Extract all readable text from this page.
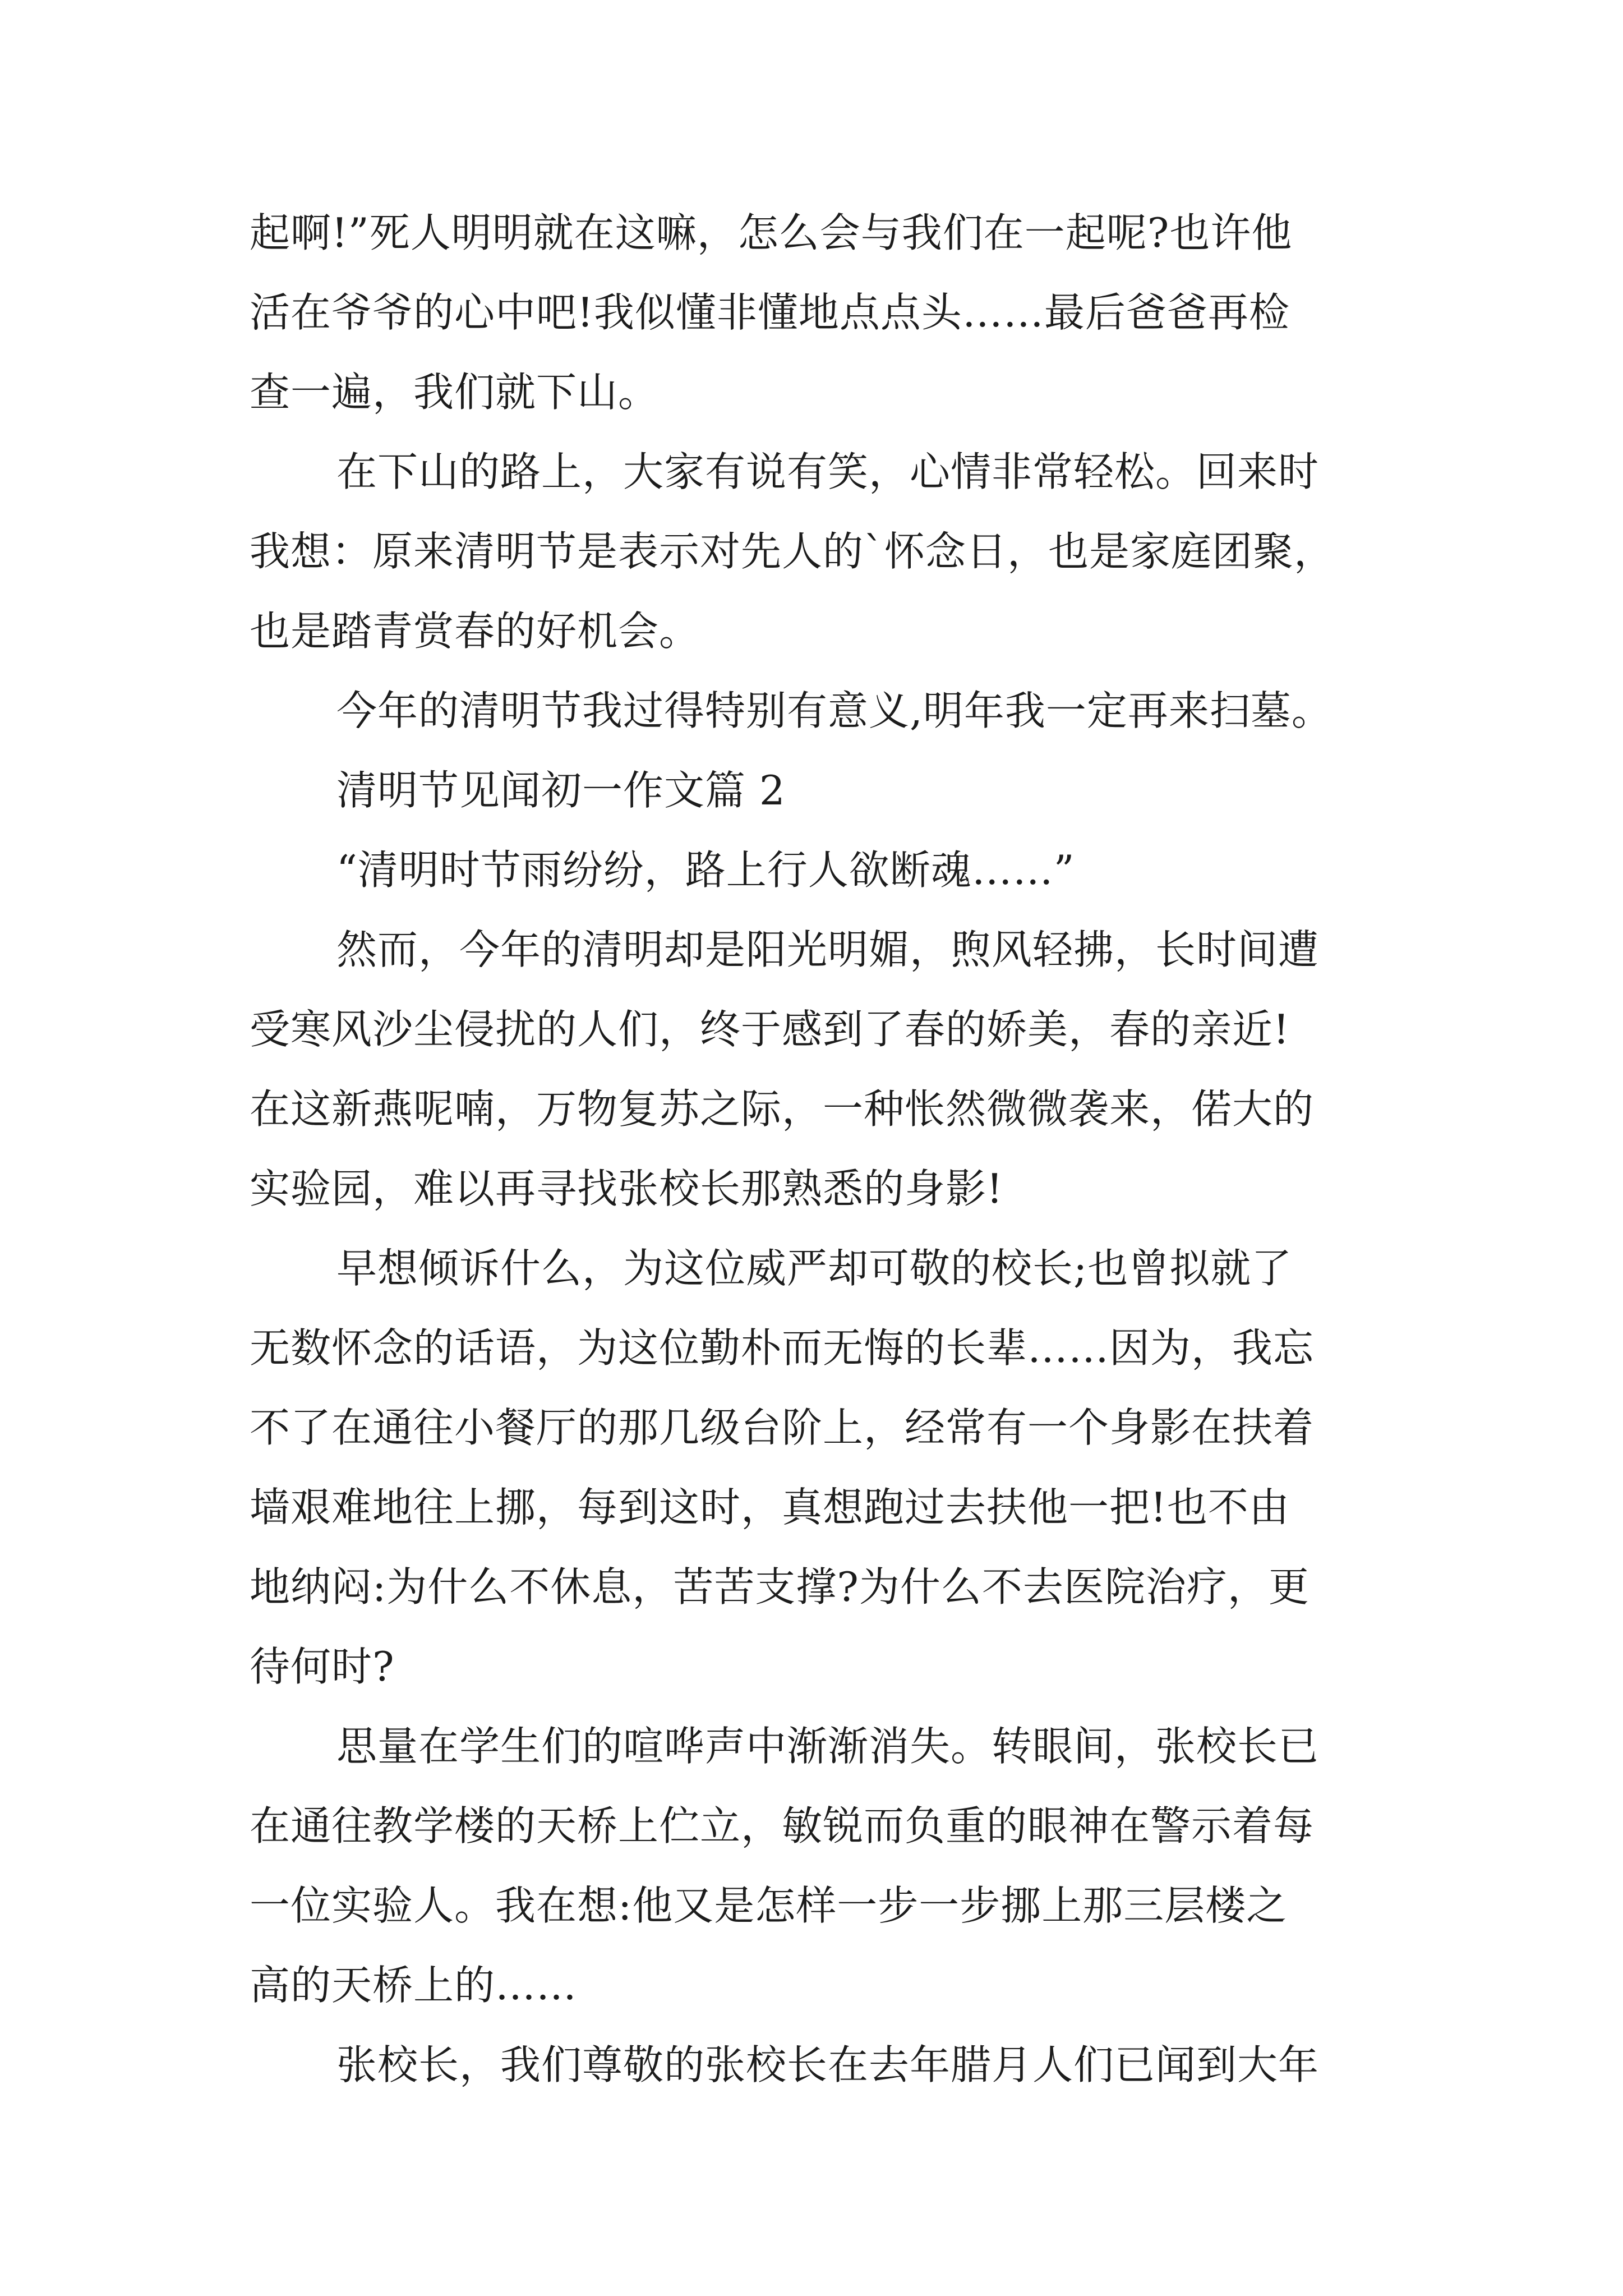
起啊!”死人明明就在这嘛，怎么会与我们在一起呢?也许他
活在爷爷的心中吧!我似懂非懂地点点头……最后爸爸再检
查一遍，我们就下山。
在下山的路上，大家有说有笑，心情非常轻松。回来时
我想：原来清明节是表示对先人的`怀念日，也是家庭团聚，
也是踏青赏春的好机会。
今年的清明节我过得特别有意义,明年我一定再来扫墓。
清明节见闻初一作文篇 2
“清明时节雨纷纷，路上行人欲断魂……”
然而，今年的清明却是阳光明媚，煦风轻拂，长时间遭
受寒风沙尘侵扰的人们，终于感到了春的娇美，春的亲近!
在这新燕呢喃，万物复苏之际，一种怅然微微袭来，偌大的
实验园，难以再寻找张校长那熟悉的身影!
早想倾诉什么，为这位威严却可敬的校长;也曾拟就了
无数怀念的话语，为这位勤朴而无悔的长辈……因为，我忘
不了在通往小餐厅的那几级台阶上，经常有一个身影在扶着
墙艰难地往上挪，每到这时，真想跑过去扶他一把!也不由
地纳闷:为什么不休息，苦苦支撑?为什么不去医院治疗，更
待何时?
思量在学生们的喧哗声中渐渐消失。转眼间，张校长已
在通往教学楼的天桥上伫立，敏锐而负重的眼神在警示着每
一位实验人。我在想:他又是怎样一步一步挪上那三层楼之
高的天桥上的……
张校长，我们尊敬的张校长在去年腊月人们已闻到大年
